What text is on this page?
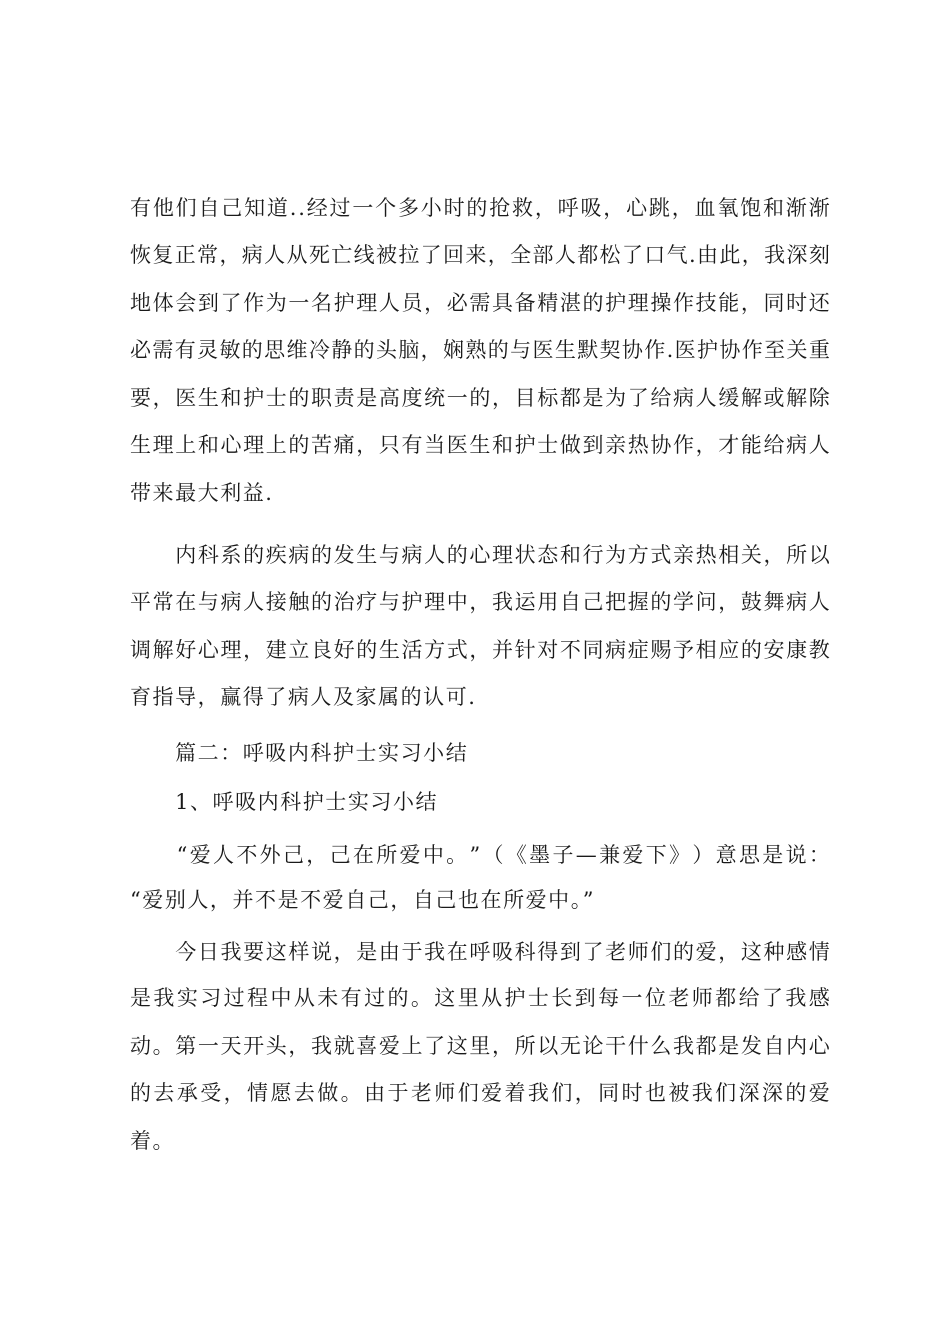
有 他 们 自 己 知 道 . . 经 过 一 个 多 小 时 的 抢 救 ， 呼 吸 ， 心 跳 ， 血 氧 饱 和 渐 渐
恢 复 正 常 ， 病 人 从 死 亡 线 被 拉 了 回 来 ， 全 部 人 都 松 了 口 气 . 由 此 ， 我 深 刻
地 体 会 到 了 作 为 一 名 护 理 人 员 ， 必 需 具 备 精 湛 的 护 理 操 作 技 能 ， 同 时 还
必 需 有 灵 敏 的 思 维 冷 静 的 头 脑 ， 娴 熟 的 与 医 生 默 契 协 作 . 医 护 协 作 至 关 重
要 ， 医 生 和 护 士 的 职 责 是 高 度 统 一 的 ， 目 标 都 是 为 了 给 病 人 缓 解 或 解 除
生 理 上 和 心 理 上 的 苦 痛 ， 只 有 当 医 生 和 护 士 做 到 亲 热 协 作 ， 才 能 给 病 人
带来最大利益.

内 科 系 的 疾 病 的 发 生 与 病 人 的 心 理 状 态 和 行 为 方 式 亲 热 相 关 ， 所 以
平 常 在 与 病 人 接 触 的 治 疗 与 护 理 中 ， 我 运 用 自 己 把 握 的 学 问 ， 鼓 舞 病 人
调 解 好 心 理 ， 建 立 良 好 的 生 活 方 式 ， 并 针 对 不 同 病 症 赐 予 相 应 的 安 康 教
育指导，赢得了病人及家属的认可.
　　篇二：呼吸内科护士实习小结
　　1、呼吸内科护士实习小结

“ 爱 人 不 外 己 ， 己 在 所 爱 中 。 ” （ 《 墨 子 — 兼 爱 下 》 ） 意 思 是 说 ：
“爱别人，并不是不爱自己，自己也在所爱中。”

今 日 我 要 这 样 说 ， 是 由 于 我 在 呼 吸 科 得 到 了 老 师 们 的 爱 ， 这 种 感 情
是 我 实 习 过 程 中 从 未 有 过 的 。 这 里 从 护 士 长 到 每 一 位 老 师 都 给 了 我 感
动 。 第 一 天 开 头 ， 我 就 喜 爱 上 了 这 里 ， 所 以 无 论 干 什 么 我 都 是 发 自 内 心
的 去 承 受 ， 情 愿 去 做 。 由 于 老 师 们 爱 着 我 们 ， 同 时 也 被 我 们 深 深 的 爱
着。
